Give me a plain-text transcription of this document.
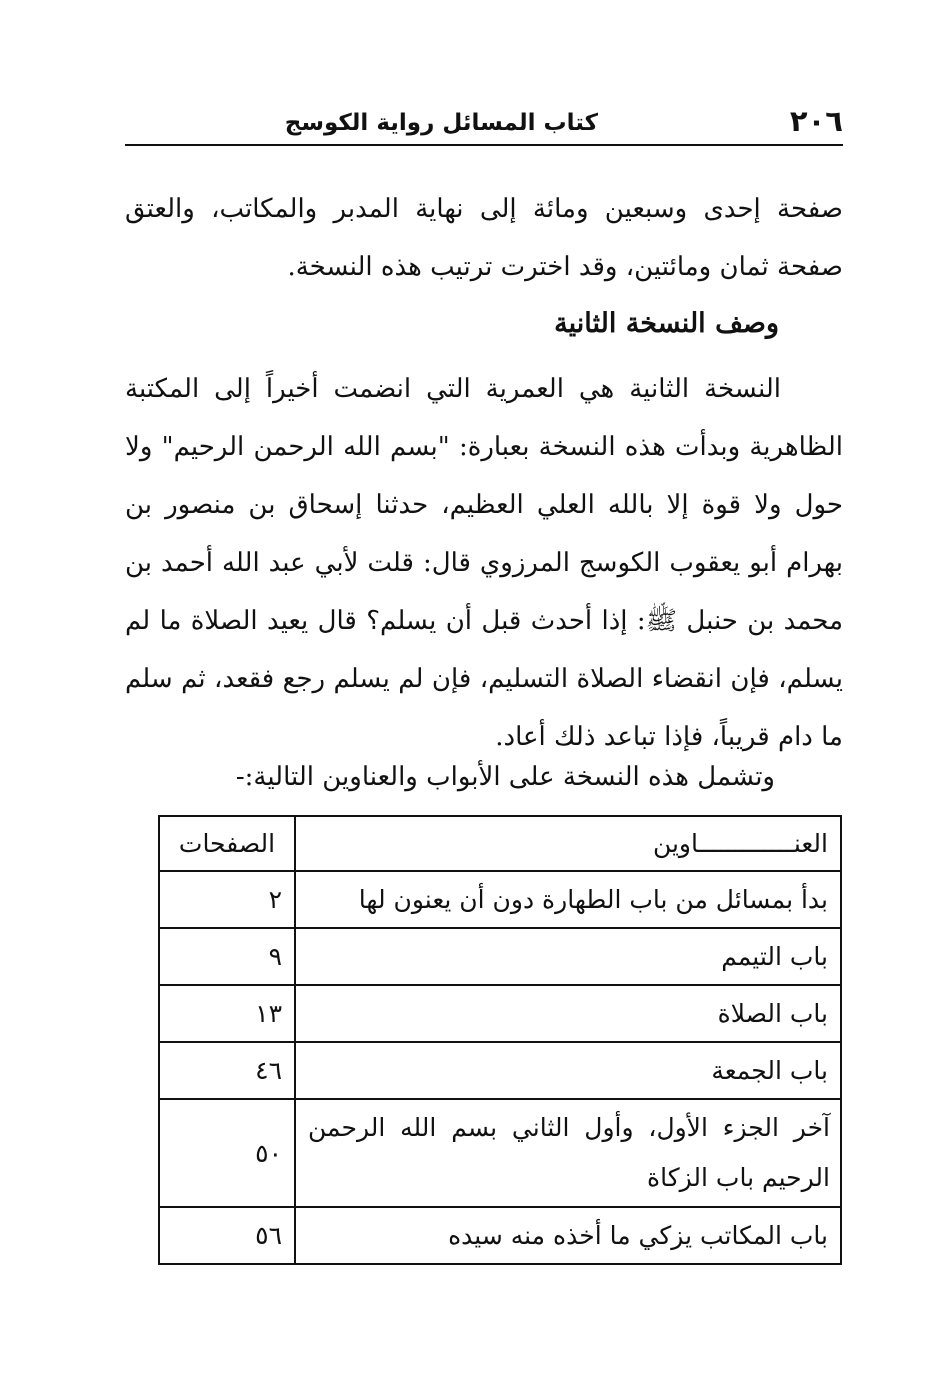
٢٠٦
كتاب المسائل رواية الكوسج

صفحة إحدى وسبعين ومائة إلى نهاية المدبر والمكاتب، والعتق صفحة ثمان ومائتين، وقد اخترت ترتيب هذه النسخة.

وصف النسخة الثانية

النسخة الثانية هي العمرية التي انضمت أخيراً إلى المكتبة الظاهرية وبدأت هذه النسخة بعبارة: "بسم الله الرحمن الرحيم" ولا حول ولا قوة إلا بالله العلي العظيم، حدثنا إسحاق بن منصور بن بهرام أبو يعقوب الكوسج المرزوي قال: قلت لأبي عبد الله أحمد بن محمد بن حنبل ﷺ: إذا أحدث قبل أن يسلم؟ قال يعيد الصلاة ما لم يسلم، فإن انقضاء الصلاة التسليم، فإن لم يسلم رجع فقعد، ثم سلم ما دام قريباً، فإذا تباعد ذلك أعاد.

وتشمل هذه النسخة على الأبواب والعناوين التالية:-

العنـــــــــــــاوين	الصفحات
بدأ بمسائل من باب الطهارة دون أن يعنون لها	٢
باب التيمم	٩
باب الصلاة	١٣
باب الجمعة	٤٦
آخر الجزء الأول، وأول الثاني بسم الله الرحمن الرحيم باب الزكاة	٥٠
باب المكاتب يزكي ما أخذه منه سيده	٥٦
